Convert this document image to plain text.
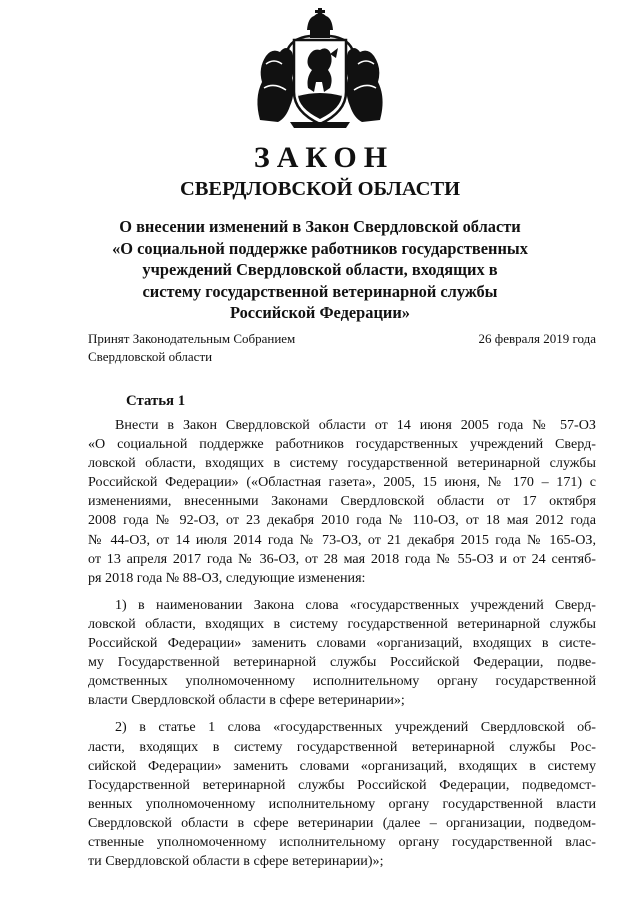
ЗАКОН
СВЕРДЛОВСКОЙ ОБЛАСТИ
О внесении изменений в Закон Свердловской области
«О социальной поддержке работников государственных
учреждений Свердловской области, входящих в
систему государственной ветеринарной службы
Российской Федерации»
Принят Законодательным Собранием
Свердловской области
26 февраля 2019 года
Статья 1
Внести в Закон Свердловской области от 14 июня 2005 года № 57-ОЗ
«О социальной поддержке работников государственных учреждений Сверд-
ловской области, входящих в систему государственной ветеринарной службы
Российской Федерации» («Областная газета», 2005, 15 июня, № 170 – 171) с
изменениями, внесенными Законами Свердловской области от 17 октября
2008 года № 92-ОЗ, от 23 декабря 2010 года № 110-ОЗ, от 18 мая 2012 года
№ 44-ОЗ, от 14 июля 2014 года № 73-ОЗ, от 21 декабря 2015 года № 165-ОЗ,
от 13 апреля 2017 года № 36-ОЗ, от 28 мая 2018 года № 55-ОЗ и от 24 сентяб-
ря 2018 года № 88-ОЗ, следующие изменения:
1) в наименовании Закона слова «государственных учреждений Сверд-
ловской области, входящих в систему государственной ветеринарной службы
Российской Федерации» заменить словами «организаций, входящих в систе-
му Государственной ветеринарной службы Российской Федерации, подве-
домственных уполномоченному исполнительному органу государственной
власти Свердловской области в сфере ветеринарии»;
2) в статье 1 слова «государственных учреждений Свердловской об-
ласти, входящих в систему государственной ветеринарной службы Рос-
сийской Федерации» заменить словами «организаций, входящих в систему
Государственной ветеринарной службы Российской Федерации, подведомст-
венных уполномоченному исполнительному органу государственной власти
Свердловской области в сфере ветеринарии (далее – организации, подведом-
ственные уполномоченному исполнительному органу государственной влас-
ти Свердловской области в сфере ветеринарии)»;
